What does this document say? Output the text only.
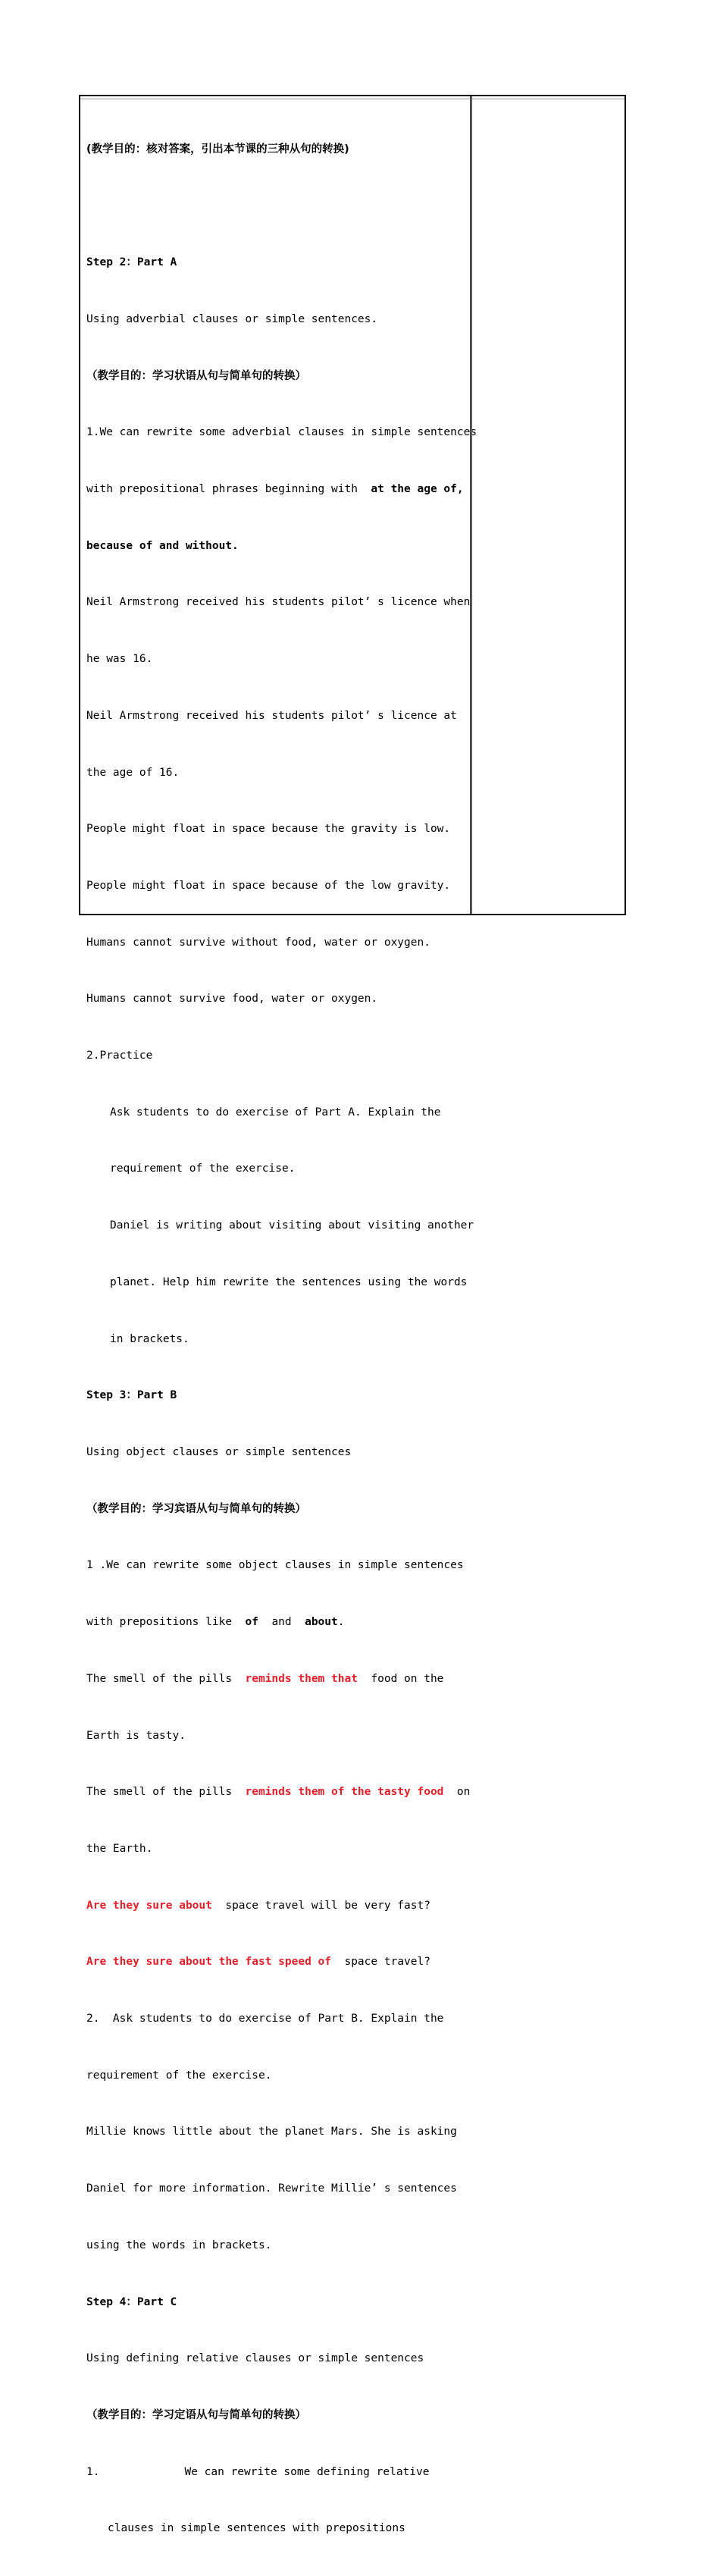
(教学目的：核对答案，引出本节课的三种从句的转换)

Step 2：Part A

Using adverbial clauses or simple sentences.

（教学目的：学习状语从句与简单句的转换）

1.We can rewrite some adverbial clauses in simple sentences

with prepositional phrases beginning with  at the age of,

because of and without.

Neil Armstrong received his students pilot’ s licence when

he was 16.

Neil Armstrong received his students pilot’ s licence at

the age of 16.

People might float in space because the gravity is low.

People might float in space because of the low gravity.

Humans cannot survive without food, water or oxygen.

Humans cannot survive food, water or oxygen.

2.Practice

Ask students to do exercise of Part A. Explain the

requirement of the exercise.

Daniel is writing about visiting about visiting another

planet. Help him rewrite the sentences using the words

in brackets.

Step 3：Part B

Using object clauses or simple sentences

（教学目的：学习宾语从句与简单句的转换）

1 .We can rewrite some object clauses in simple sentences

with prepositions like  of  and  about.

The smell of the pills  reminds them that  food on the

Earth is tasty.

The smell of the pills  reminds them of the tasty food  on

the Earth.

Are they sure about  space travel will be very fast?

Are they sure about the fast speed of  space travel?

2.  Ask students to do exercise of Part B. Explain the

requirement of the exercise.

Millie knows little about the planet Mars. She is asking

Daniel for more information. Rewrite Millie’ s sentences

using the words in brackets.

Step 4：Part C

Using defining relative clauses or simple sentences

（教学目的：学习定语从句与简单句的转换）

1.	We can rewrite some defining relative

clauses in simple sentences with prepositions
